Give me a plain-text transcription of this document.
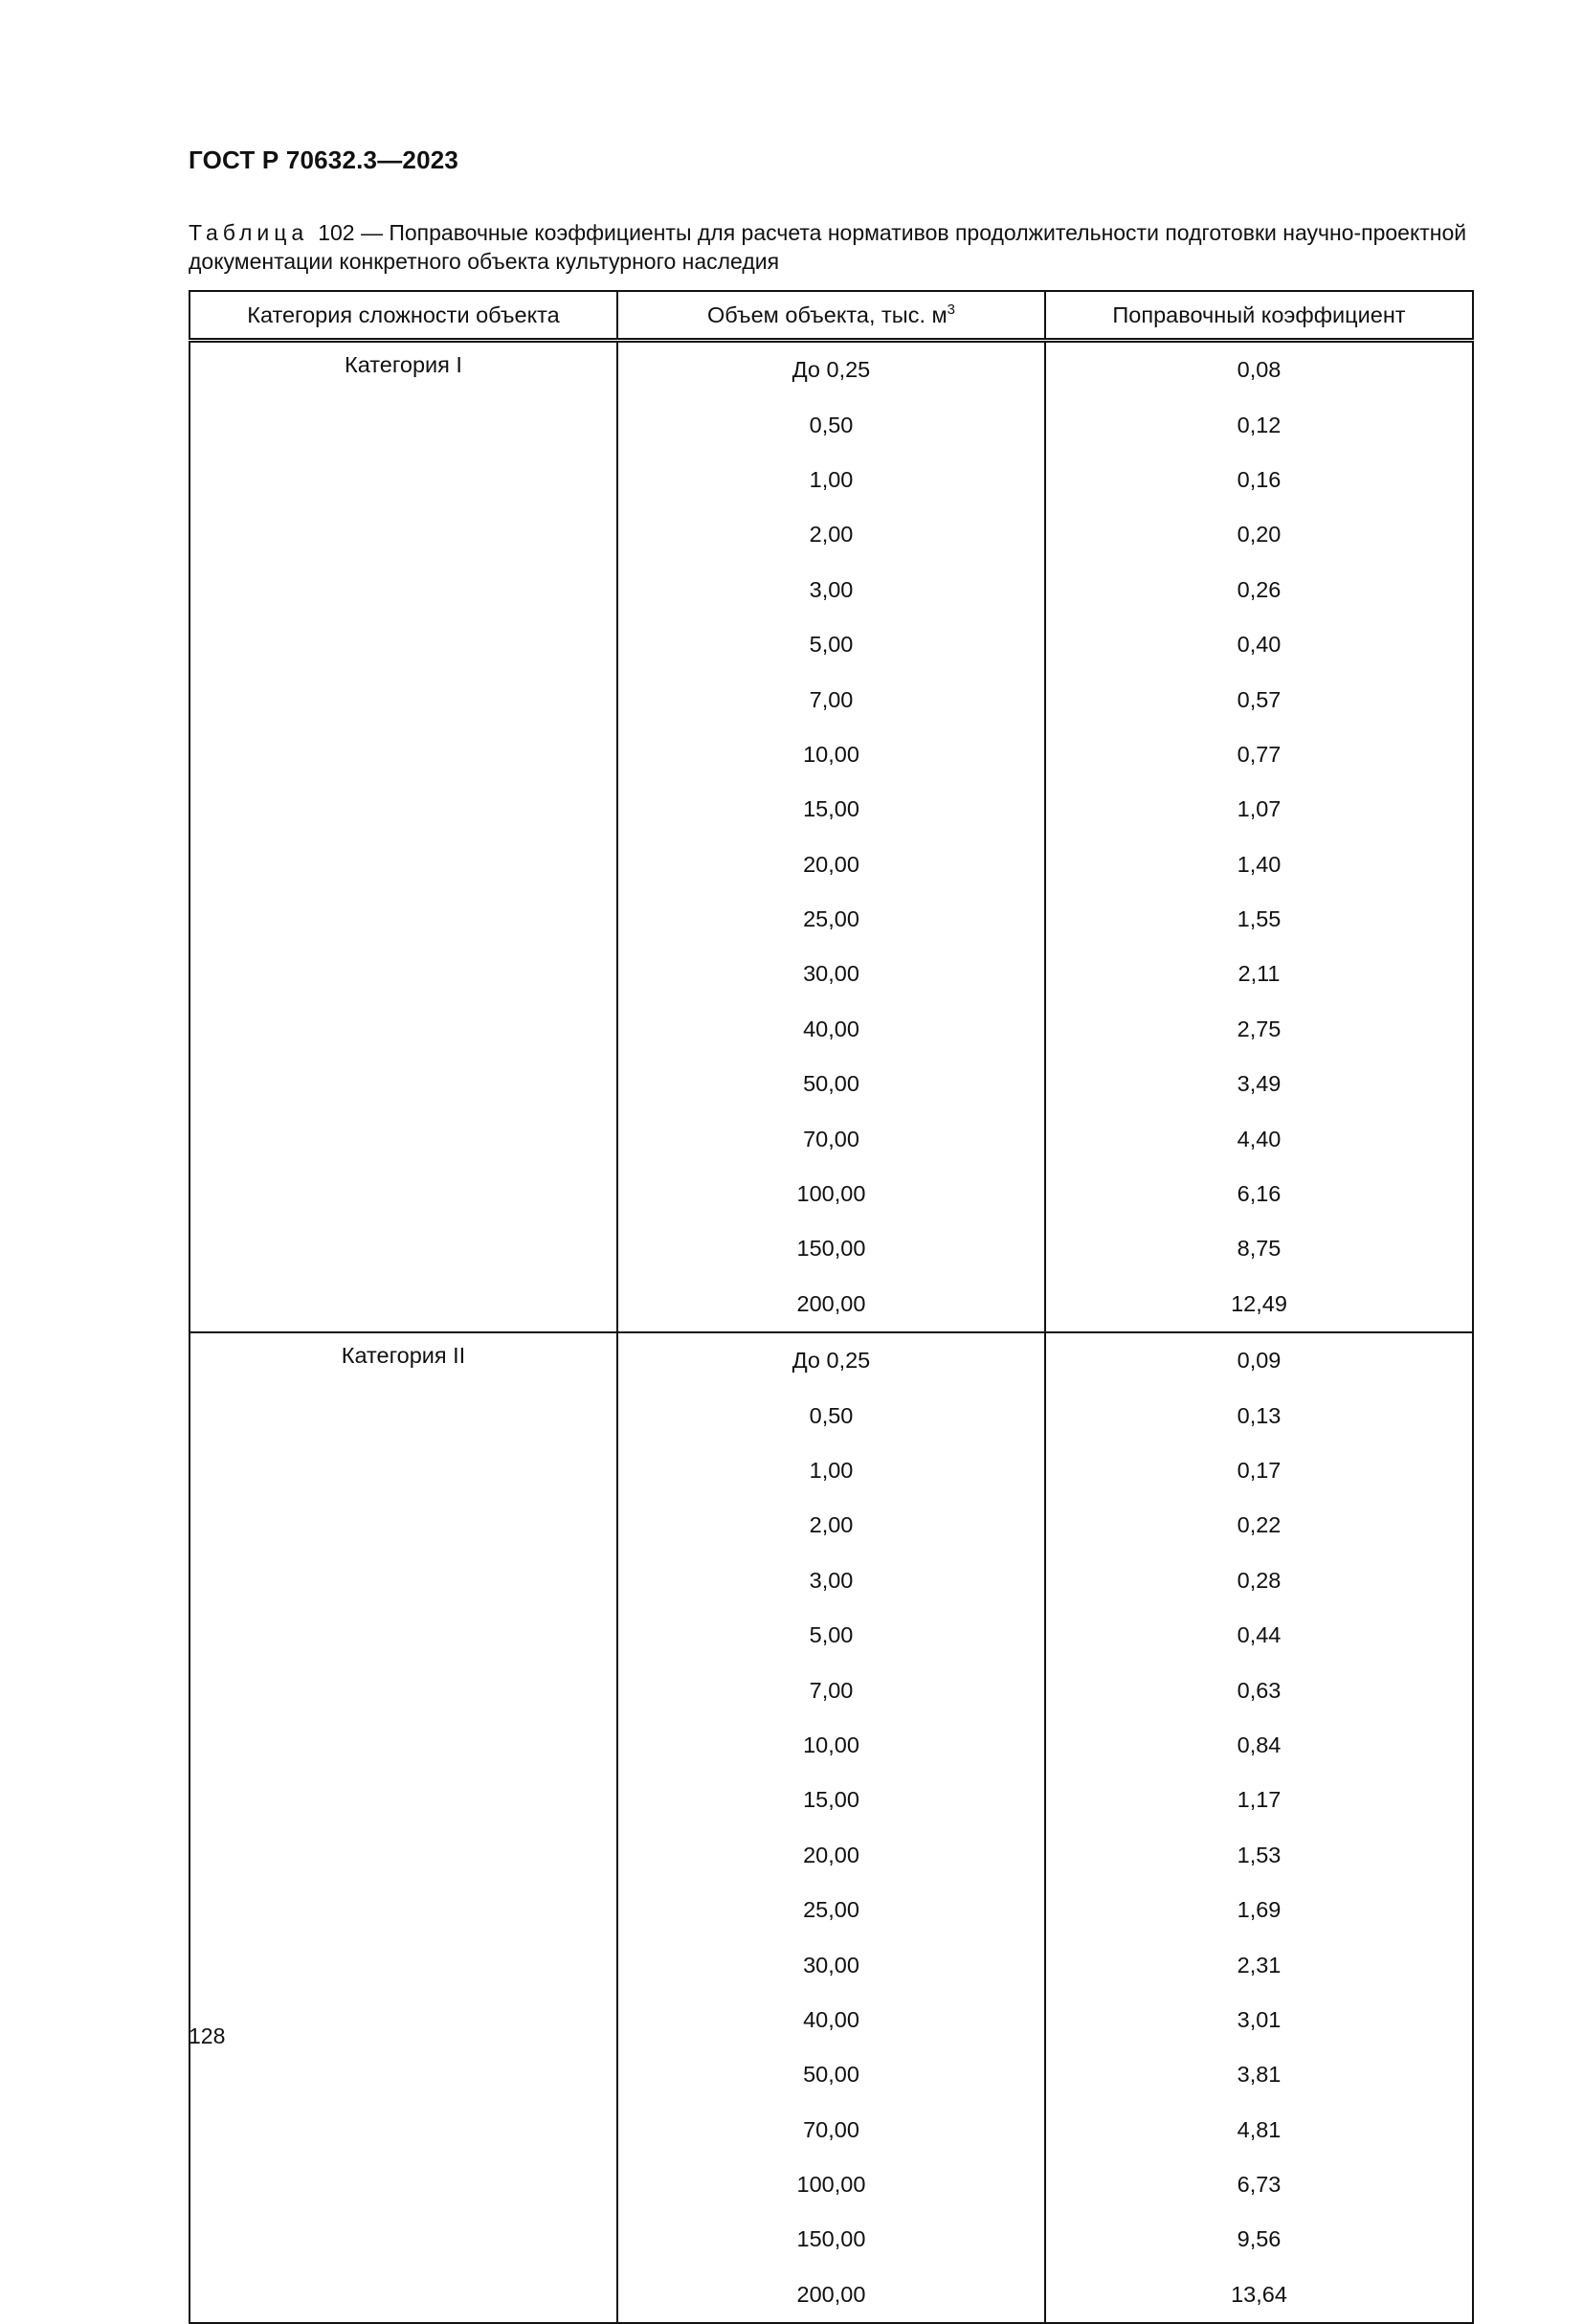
ГОСТ Р 70632.3—2023
Таблица 102 — Поправочные коэффициенты для расчета нормативов продолжительности подготовки научно-проектной документации конкретного объекта культурного наследия
Категория сложности объекта	Объем объекта, тыс. $м^3$	Поправочный коэффициент
Категория I	До 0,25	0,08
	0,50	0,12
	1,00	0,16
	2,00	0,20
	3,00	0,26
	5,00	0,40
	7,00	0,57
	10,00	0,77
	15,00	1,07
	20,00	1,40
	25,00	1,55
	30,00	2,11
	40,00	2,75
	50,00	3,49
	70,00	4,40
	100,00	6,16
	150,00	8,75
	200,00	12,49
Категория II	До 0,25	0,09
	0,50	0,13
	1,00	0,17
	2,00	0,22
	3,00	0,28
	5,00	0,44
	7,00	0,63
	10,00	0,84
	15,00	1,17
	20,00	1,53
	25,00	1,69
	30,00	2,31
	40,00	3,01
	50,00	3,81
	70,00	4,81
	100,00	6,73
	150,00	9,56
	200,00	13,64
128
